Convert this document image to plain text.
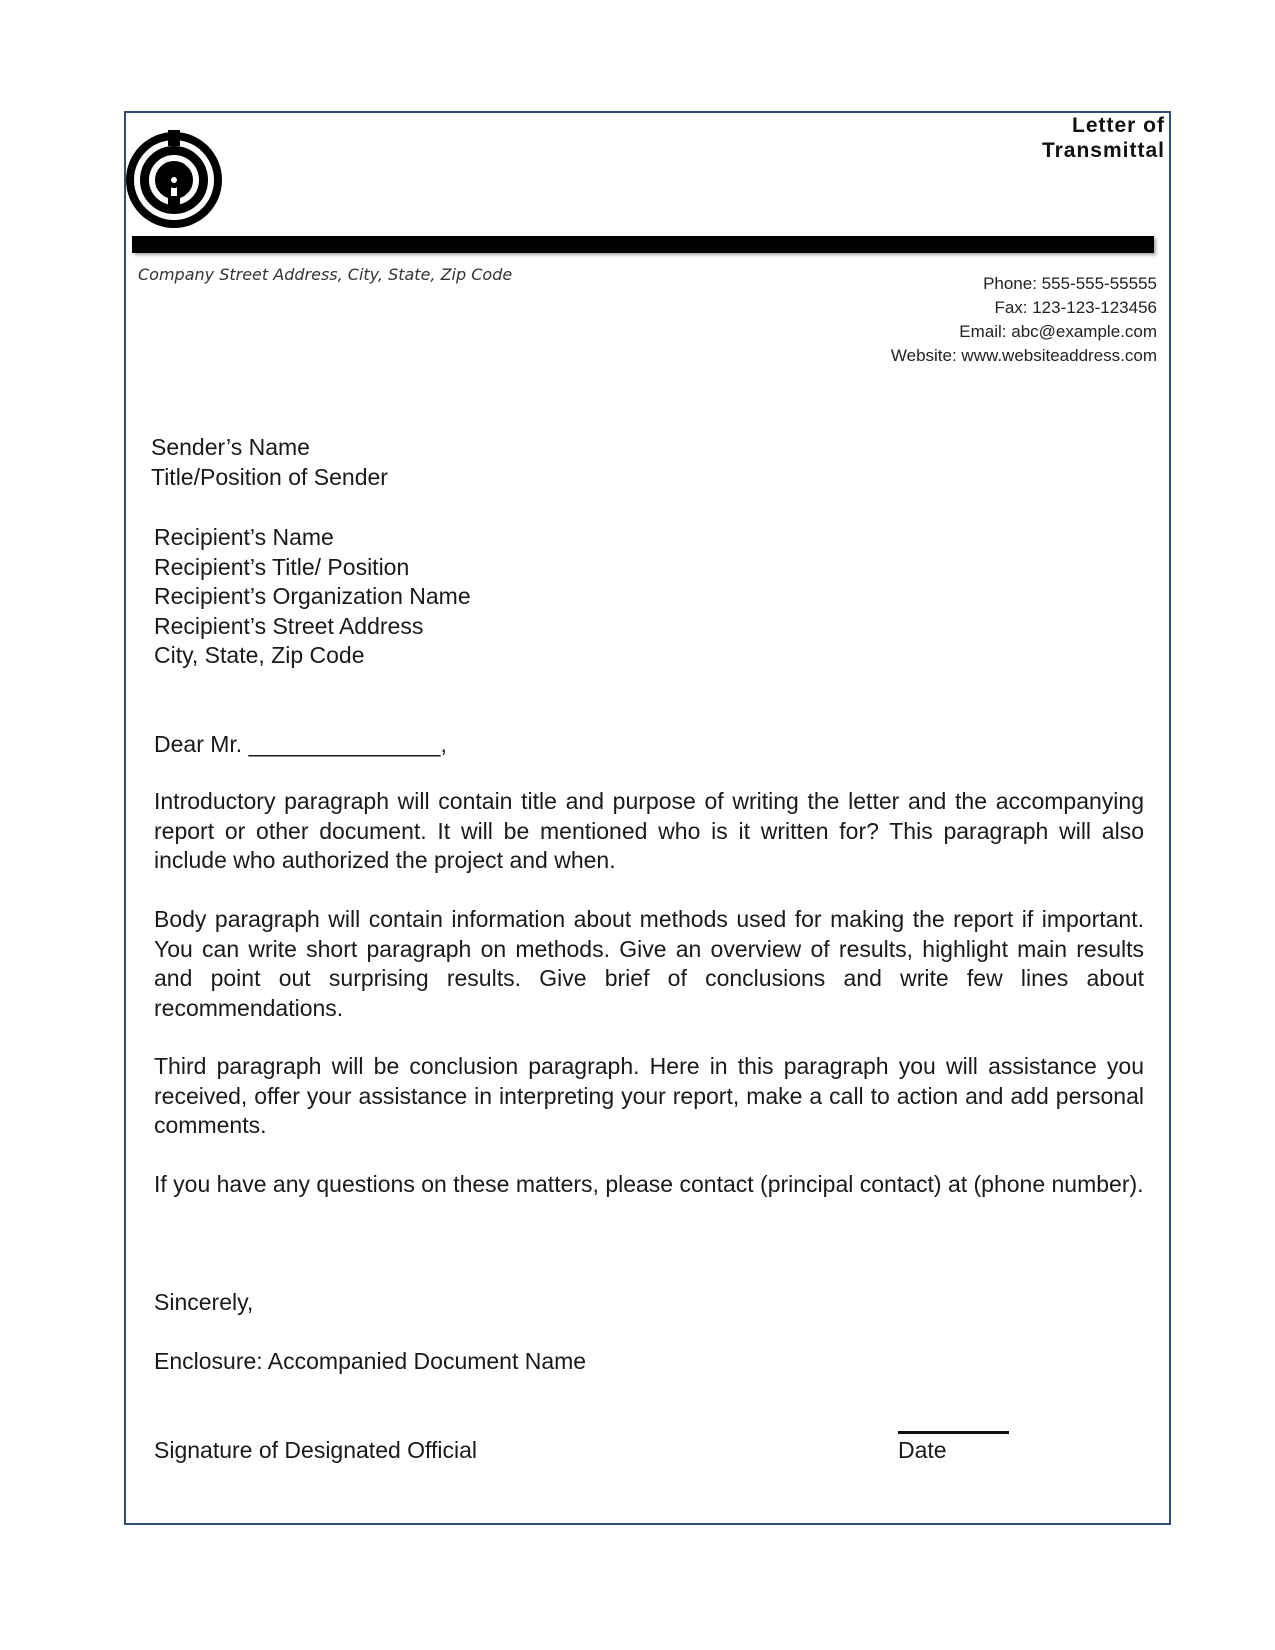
Letter of
Transmittal
Company Street Address, City, State, Zip Code	Phone: 555-555-55555
Fax: 123-123-123456
Email: abc@example.com
Website: www.websiteaddress.com
Sender’s Name
Title/Position of Sender
Recipient’s Name
Recipient’s Title/ Position
Recipient’s Organization Name
Recipient’s Street Address
City, State, Zip Code
Dear Mr. _______________,
Introductory paragraph will contain title and purpose of writing the letter and the accompanying report or other document. It will be mentioned who is it written for? This paragraph will also include who authorized the project and when.
Body paragraph will contain information about methods used for making the report if important. You can write short paragraph on methods. Give an overview of results, highlight main results and point out surprising results. Give brief of conclusions and write few lines about recommendations.
Third paragraph will be conclusion paragraph. Here in this paragraph you will assistance you received, offer your assistance in interpreting your report, make a call to action and add personal comments.
If you have any questions on these matters, please contact (principal contact) at (phone number).
Sincerely,
Enclosure: Accompanied Document Name
Signature of Designated Official	Date
